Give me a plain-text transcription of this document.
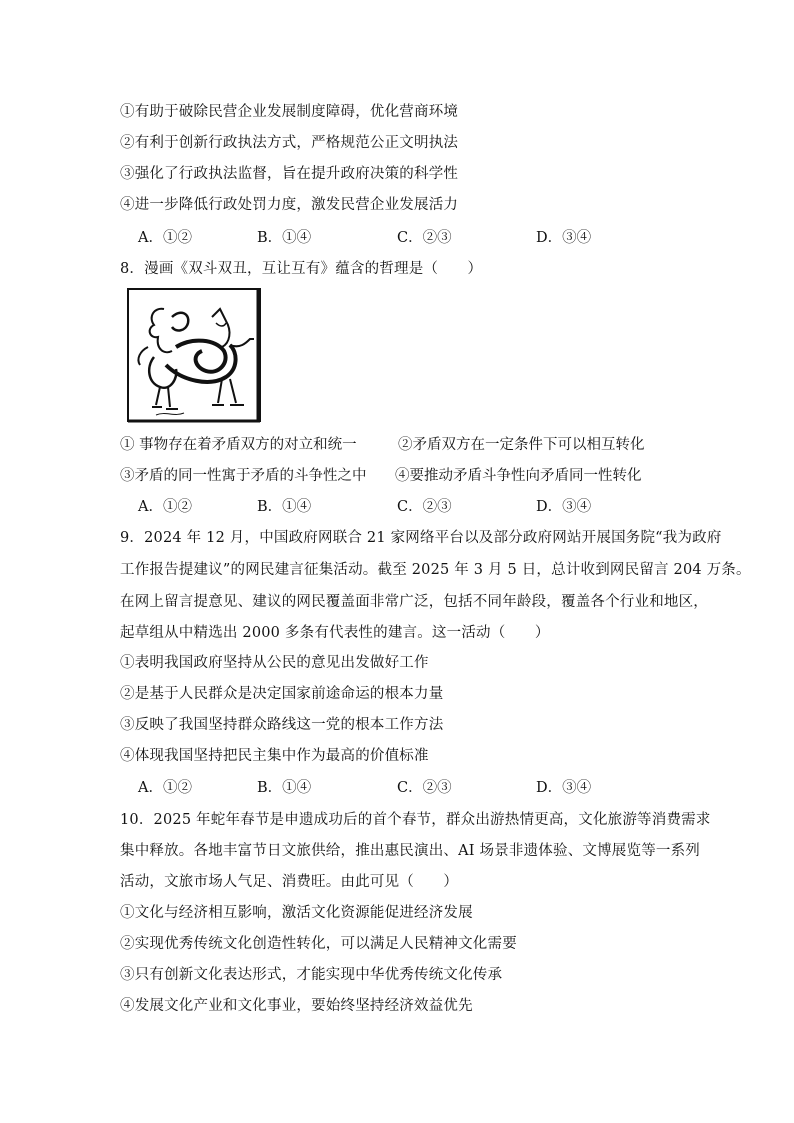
①有助于破除民营企业发展制度障碍，优化营商环境
②有利于创新行政执法方式，严格规范公正文明执法
③强化了行政执法监督，旨在提升政府决策的科学性
④进一步降低行政处罚力度，激发民营企业发展活力
A．①②	B．①④	C．②③	D．③④
8．漫画《双斗双丑，互让互有》蕴含的哲理是（　　）
① 事物存在着矛盾双方的对立和统一	②矛盾双方在一定条件下可以相互转化
③矛盾的同一性寓于矛盾的斗争性之中 ④要推动矛盾斗争性向矛盾同一性转化
A．①②	B．①④	C．②③	D．③④
9．2024 年 12 月，中国政府网联合 21 家网络平台以及部分政府网站开展国务院“我为政府
工作报告提建议”的网民建言征集活动。截至 2025 年 3 月 5 日，总计收到网民留言 204 万条。
在网上留言提意见、建议的网民覆盖面非常广泛，包括不同年龄段，覆盖各个行业和地区，
起草组从中精选出 2000 多条有代表性的建言。这一活动（　　）
①表明我国政府坚持从公民的意见出发做好工作
②是基于人民群众是决定国家前途命运的根本力量
③反映了我国坚持群众路线这一党的根本工作方法
④体现我国坚持把民主集中作为最高的价值标准
A．①②	B．①④	C．②③	D．③④
10．2025 年蛇年春节是申遗成功后的首个春节，群众出游热情更高，文化旅游等消费需求
集中释放。各地丰富节日文旅供给，推出惠民演出、AI 场景非遗体验、文博展览等一系列
活动，文旅市场人气足、消费旺。由此可见（　　）
①文化与经济相互影响，激活文化资源能促进经济发展
②实现优秀传统文化创造性转化，可以满足人民精神文化需要
③只有创新文化表达形式，才能实现中华优秀传统文化传承
④发展文化产业和文化事业，要始终坚持经济效益优先
